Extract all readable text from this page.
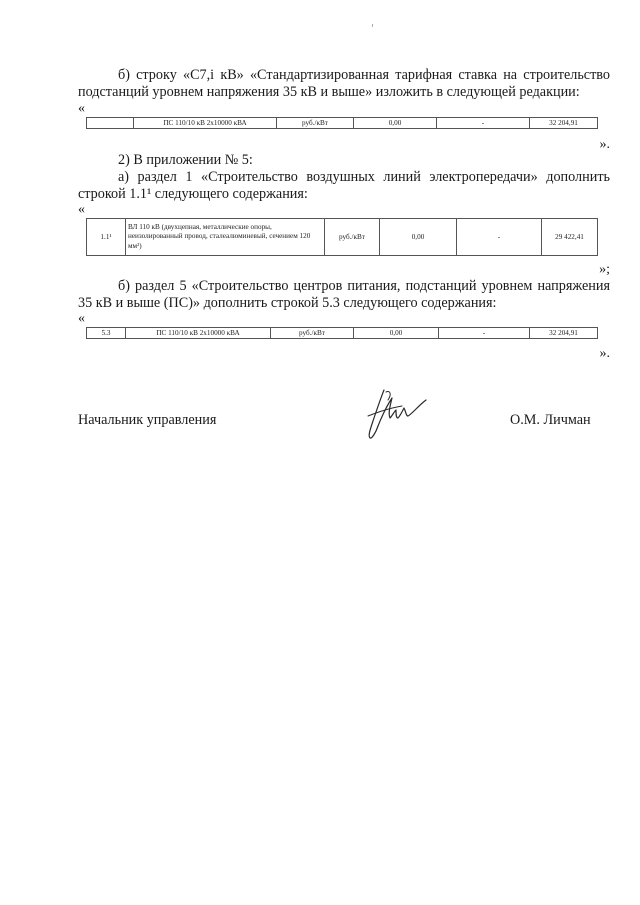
б) строку «С7,i кВ» «Стандартизированная тарифная ставка на строительство подстанций уровнем напряжения 35 кВ и выше» изложить в следующей редакции:
«
	ПС 110/10 кВ 2х10000 кВА	руб./кВт	0,00	-	32 204,91
».
2) В приложении № 5:
а) раздел 1 «Строительство воздушных линий электропередачи» дополнить строкой 1.1¹ следующего содержания:
«
1.1¹	ВЛ 110 кВ (двухцепная, металлические опоры, неизолированный провод, сталеалюминевый, сечением 120 мм²)	руб./кВт	0,00	-	29 422,41
»;
б) раздел 5 «Строительство центров питания, подстанций уровнем напряжения 35 кВ и выше (ПС)» дополнить строкой 5.3 следующего содержания:
«
5.3	ПС 110/10 кВ 2х10000 кВА	руб./кВт	0,00	-	32 204,91
».
Начальник управления	О.М. Личман
